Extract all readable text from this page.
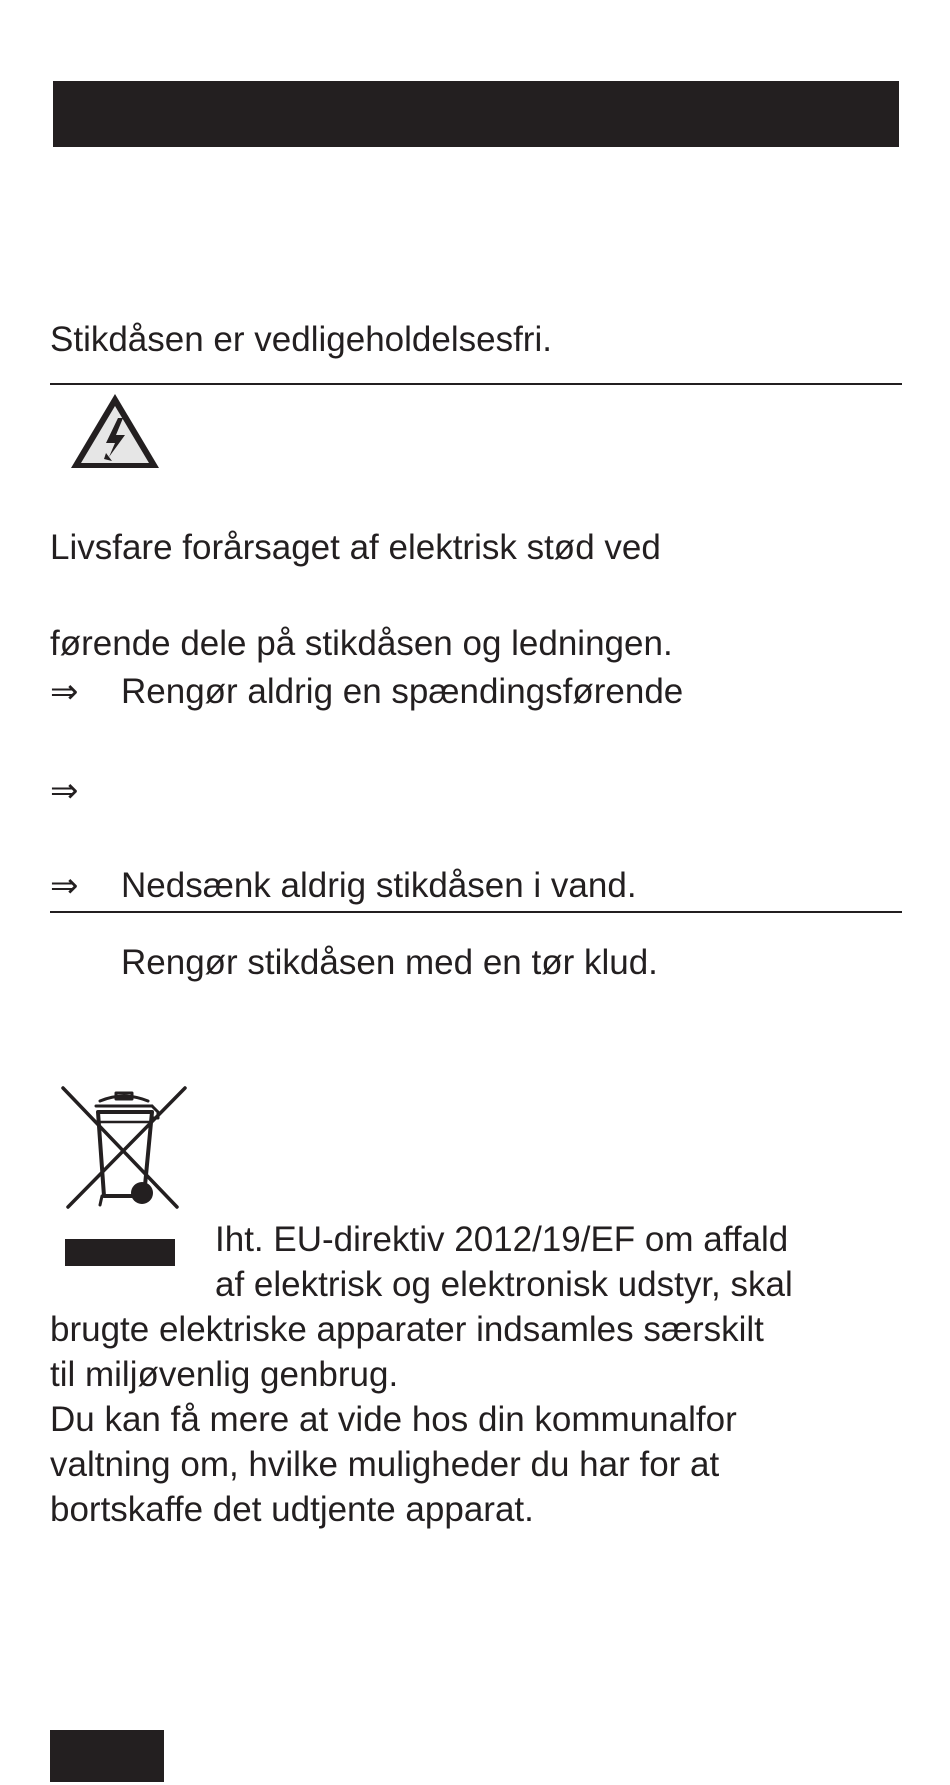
Stikdåsen er vedligeholdelsesfri.
Livsfare forårsaget af elektrisk stød ved
førende dele på stikdåsen og ledningen.
⇒ Rengør aldrig en spændingsførende
⇒
⇒ Nedsænk aldrig stikdåsen i vand.
Rengør stikdåsen med en tør klud.
Iht. EU-direktiv 2012/19/EF om affald
af elektrisk og elektronisk udstyr, skal
brugte elektriske apparater indsamles særskilt
til miljøvenlig genbrug.
Du kan få mere at vide hos din kommunalfor
valtning om, hvilke muligheder du har for at
bortskaffe det udtjente apparat.
